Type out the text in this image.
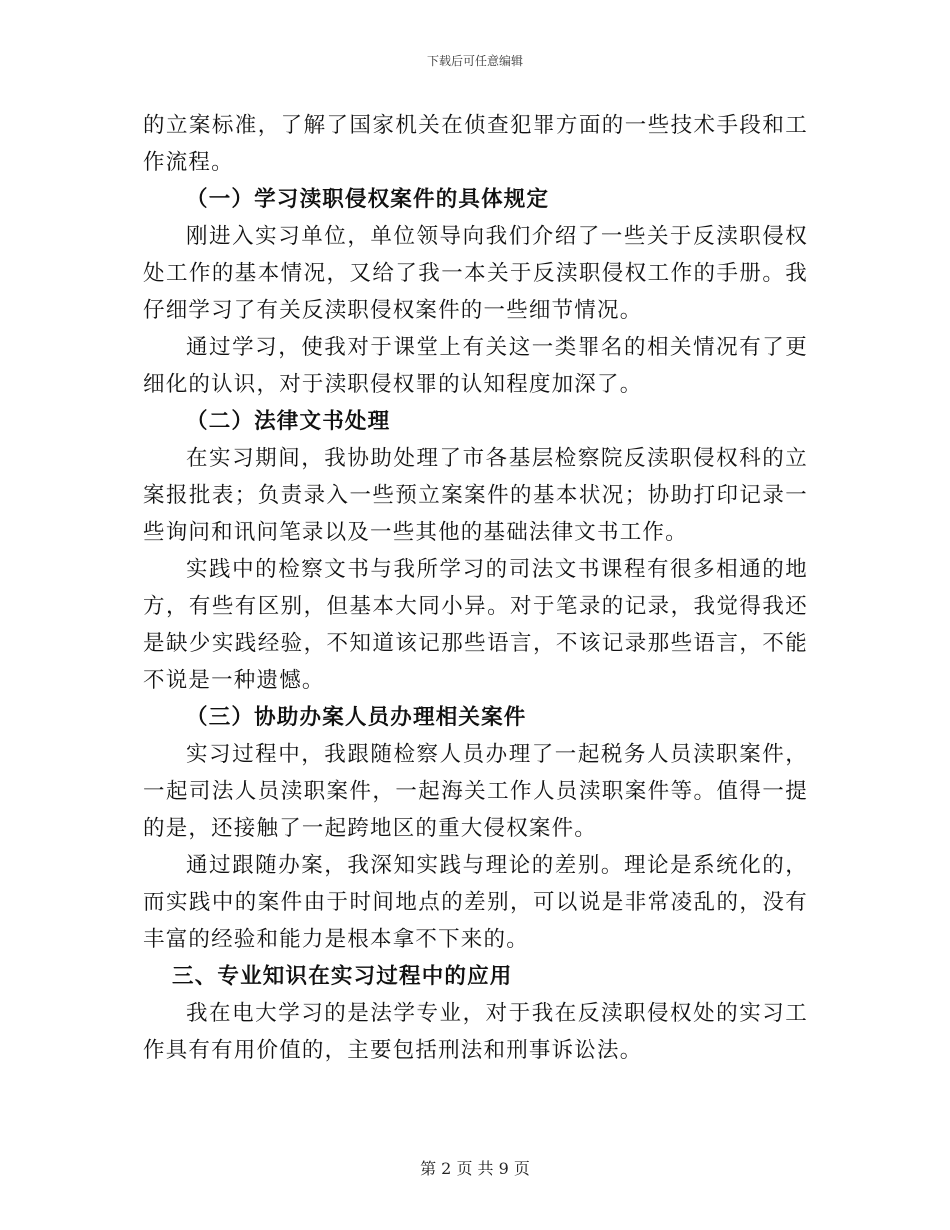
下载后可任意编辑

的立案标准，了解了国家机关在侦查犯罪方面的一些技术手段和工作流程。

（一）学习渎职侵权案件的具体规定

刚进入实习单位，单位领导向我们介绍了一些关于反渎职侵权处工作的基本情况，又给了我一本关于反渎职侵权工作的手册。我仔细学习了有关反渎职侵权案件的一些细节情况。

通过学习，使我对于课堂上有关这一类罪名的相关情况有了更细化的认识，对于渎职侵权罪的认知程度加深了。

（二）法律文书处理

在实习期间，我协助处理了市各基层检察院反渎职侵权科的立案报批表；负责录入一些预立案案件的基本状况；协助打印记录一些询问和讯问笔录以及一些其他的基础法律文书工作。

实践中的检察文书与我所学习的司法文书课程有很多相通的地方，有些有区别，但基本大同小异。对于笔录的记录，我觉得我还是缺少实践经验，不知道该记那些语言，不该记录那些语言，不能不说是一种遗憾。

（三）协助办案人员办理相关案件

实习过程中，我跟随检察人员办理了一起税务人员渎职案件，一起司法人员渎职案件，一起海关工作人员渎职案件等。值得一提的是，还接触了一起跨地区的重大侵权案件。

通过跟随办案，我深知实践与理论的差别。理论是系统化的，而实践中的案件由于时间地点的差别，可以说是非常凌乱的，没有丰富的经验和能力是根本拿不下来的。

三、专业知识在实习过程中的应用

我在电大学习的是法学专业，对于我在反渎职侵权处的实习工作具有有用价值的，主要包括刑法和刑事诉讼法。

第 2 页 共 9 页
